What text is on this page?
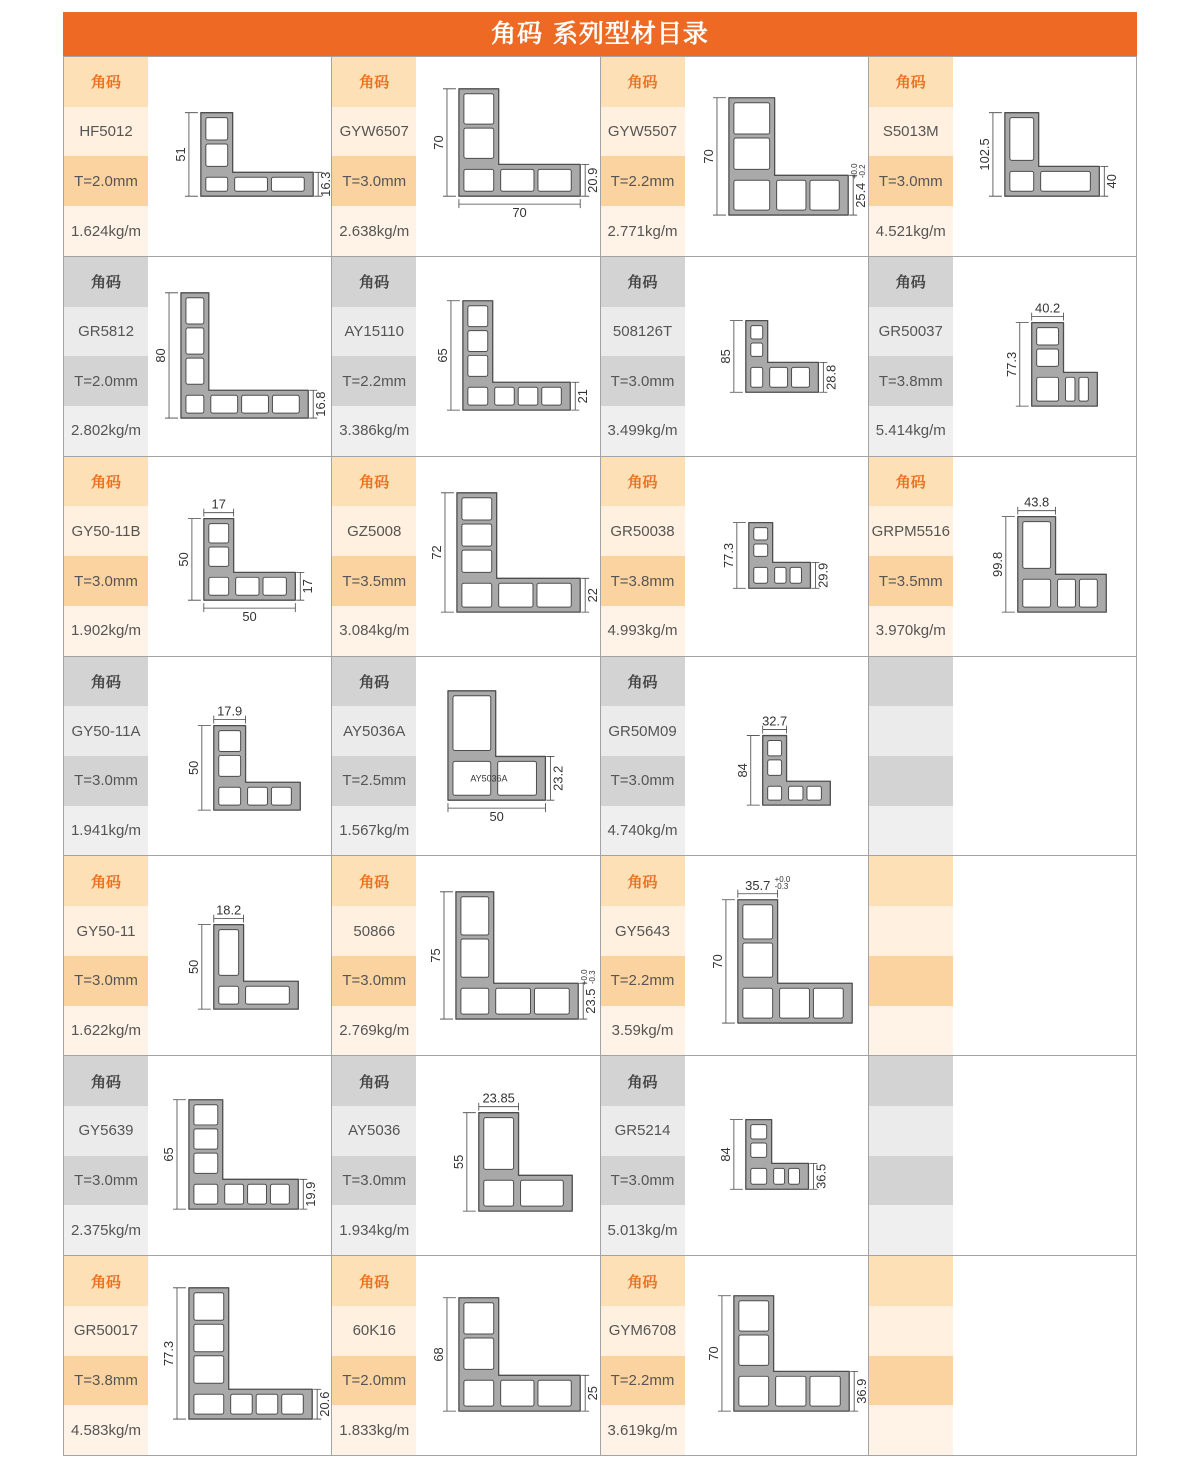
角码 系列型材目录
角码
HF5012
T=2.0mm
1.624kg/m
51
16.3
角码
GYW6507
T=3.0mm
2.638kg/m
70
20.9
70
角码
GYW5507
T=2.2mm
2.771kg/m
70
25.4
+0.0
-0.2
角码
S5013M
T=3.0mm
4.521kg/m
102.5
40
角码
GR5812
T=2.0mm
2.802kg/m
80
16.8
角码
AY15110
T=2.2mm
3.386kg/m
65
21
角码
508126T
T=3.0mm
3.499kg/m
85
28.8
角码
GR50037
T=3.8mm
5.414kg/m
40.2
77.3
角码
GY50-11B
T=3.0mm
1.902kg/m
17
50
17
50
角码
GZ5008
T=3.5mm
3.084kg/m
72
22
角码
GR50038
T=3.8mm
4.993kg/m
77.3
29.9
角码
GRPM5516
T=3.5mm
3.970kg/m
43.8
99.8
角码
GY50-11A
T=3.0mm
1.941kg/m
17.9
50
角码
AY5036A
T=2.5mm
1.567kg/m
23.2
50
AY5036A
角码
GR50M09
T=3.0mm
4.740kg/m
32.7
84
角码
GY50-11
T=3.0mm
1.622kg/m
18.2
50
角码
50866
T=3.0mm
2.769kg/m
75
23.5
+0.0
-0.3
角码
GY5643
T=2.2mm
3.59kg/m
35.7 +0.0
-0.3
70
角码
GY5639
T=3.0mm
2.375kg/m
65
19.9
角码
AY5036
T=3.0mm
1.934kg/m
23.85
55
角码
GR5214
T=3.0mm
5.013kg/m
84
36.5
角码
GR50017
T=3.8mm
4.583kg/m
77.3
20.6
角码
60K16
T=2.0mm
1.833kg/m
68
25
角码
GYM6708
T=2.2mm
3.619kg/m
70
36.9
